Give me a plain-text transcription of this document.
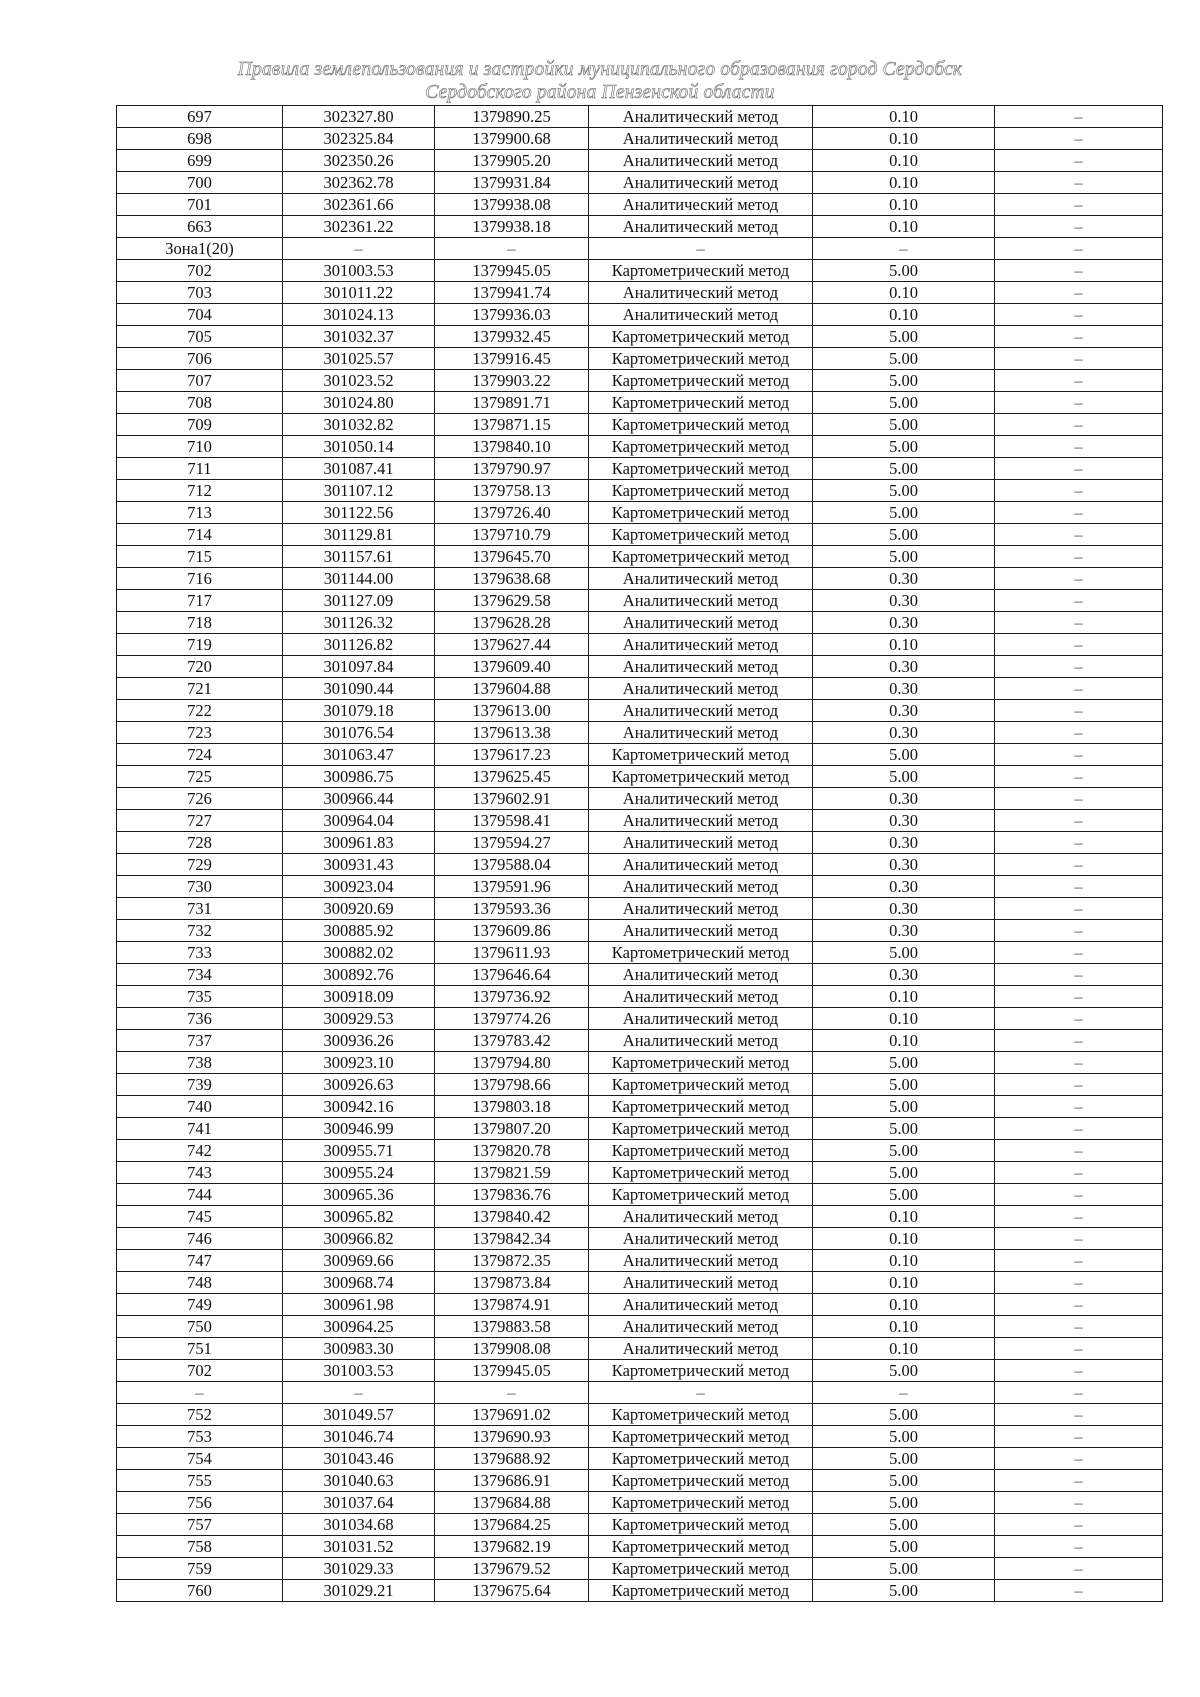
Правила землепользования и застройки муниципального образования город Сердобск
Сердобского района Пензенской области
697	302327.80	1379890.25	Аналитический метод	0.10	–
698	302325.84	1379900.68	Аналитический метод	0.10	–
699	302350.26	1379905.20	Аналитический метод	0.10	–
700	302362.78	1379931.84	Аналитический метод	0.10	–
701	302361.66	1379938.08	Аналитический метод	0.10	–
663	302361.22	1379938.18	Аналитический метод	0.10	–
Зона1(20)	–	–	–	–	–
702	301003.53	1379945.05	Картометрический метод	5.00	–
703	301011.22	1379941.74	Аналитический метод	0.10	–
704	301024.13	1379936.03	Аналитический метод	0.10	–
705	301032.37	1379932.45	Картометрический метод	5.00	–
706	301025.57	1379916.45	Картометрический метод	5.00	–
707	301023.52	1379903.22	Картометрический метод	5.00	–
708	301024.80	1379891.71	Картометрический метод	5.00	–
709	301032.82	1379871.15	Картометрический метод	5.00	–
710	301050.14	1379840.10	Картометрический метод	5.00	–
711	301087.41	1379790.97	Картометрический метод	5.00	–
712	301107.12	1379758.13	Картометрический метод	5.00	–
713	301122.56	1379726.40	Картометрический метод	5.00	–
714	301129.81	1379710.79	Картометрический метод	5.00	–
715	301157.61	1379645.70	Картометрический метод	5.00	–
716	301144.00	1379638.68	Аналитический метод	0.30	–
717	301127.09	1379629.58	Аналитический метод	0.30	–
718	301126.32	1379628.28	Аналитический метод	0.30	–
719	301126.82	1379627.44	Аналитический метод	0.10	–
720	301097.84	1379609.40	Аналитический метод	0.30	–
721	301090.44	1379604.88	Аналитический метод	0.30	–
722	301079.18	1379613.00	Аналитический метод	0.30	–
723	301076.54	1379613.38	Аналитический метод	0.30	–
724	301063.47	1379617.23	Картометрический метод	5.00	–
725	300986.75	1379625.45	Картометрический метод	5.00	–
726	300966.44	1379602.91	Аналитический метод	0.30	–
727	300964.04	1379598.41	Аналитический метод	0.30	–
728	300961.83	1379594.27	Аналитический метод	0.30	–
729	300931.43	1379588.04	Аналитический метод	0.30	–
730	300923.04	1379591.96	Аналитический метод	0.30	–
731	300920.69	1379593.36	Аналитический метод	0.30	–
732	300885.92	1379609.86	Аналитический метод	0.30	–
733	300882.02	1379611.93	Картометрический метод	5.00	–
734	300892.76	1379646.64	Аналитический метод	0.30	–
735	300918.09	1379736.92	Аналитический метод	0.10	–
736	300929.53	1379774.26	Аналитический метод	0.10	–
737	300936.26	1379783.42	Аналитический метод	0.10	–
738	300923.10	1379794.80	Картометрический метод	5.00	–
739	300926.63	1379798.66	Картометрический метод	5.00	–
740	300942.16	1379803.18	Картометрический метод	5.00	–
741	300946.99	1379807.20	Картометрический метод	5.00	–
742	300955.71	1379820.78	Картометрический метод	5.00	–
743	300955.24	1379821.59	Картометрический метод	5.00	–
744	300965.36	1379836.76	Картометрический метод	5.00	–
745	300965.82	1379840.42	Аналитический метод	0.10	–
746	300966.82	1379842.34	Аналитический метод	0.10	–
747	300969.66	1379872.35	Аналитический метод	0.10	–
748	300968.74	1379873.84	Аналитический метод	0.10	–
749	300961.98	1379874.91	Аналитический метод	0.10	–
750	300964.25	1379883.58	Аналитический метод	0.10	–
751	300983.30	1379908.08	Аналитический метод	0.10	–
702	301003.53	1379945.05	Картометрический метод	5.00	–
–	–	–	–	–	–
752	301049.57	1379691.02	Картометрический метод	5.00	–
753	301046.74	1379690.93	Картометрический метод	5.00	–
754	301043.46	1379688.92	Картометрический метод	5.00	–
755	301040.63	1379686.91	Картометрический метод	5.00	–
756	301037.64	1379684.88	Картометрический метод	5.00	–
757	301034.68	1379684.25	Картометрический метод	5.00	–
758	301031.52	1379682.19	Картометрический метод	5.00	–
759	301029.33	1379679.52	Картометрический метод	5.00	–
760	301029.21	1379675.64	Картометрический метод	5.00	–
